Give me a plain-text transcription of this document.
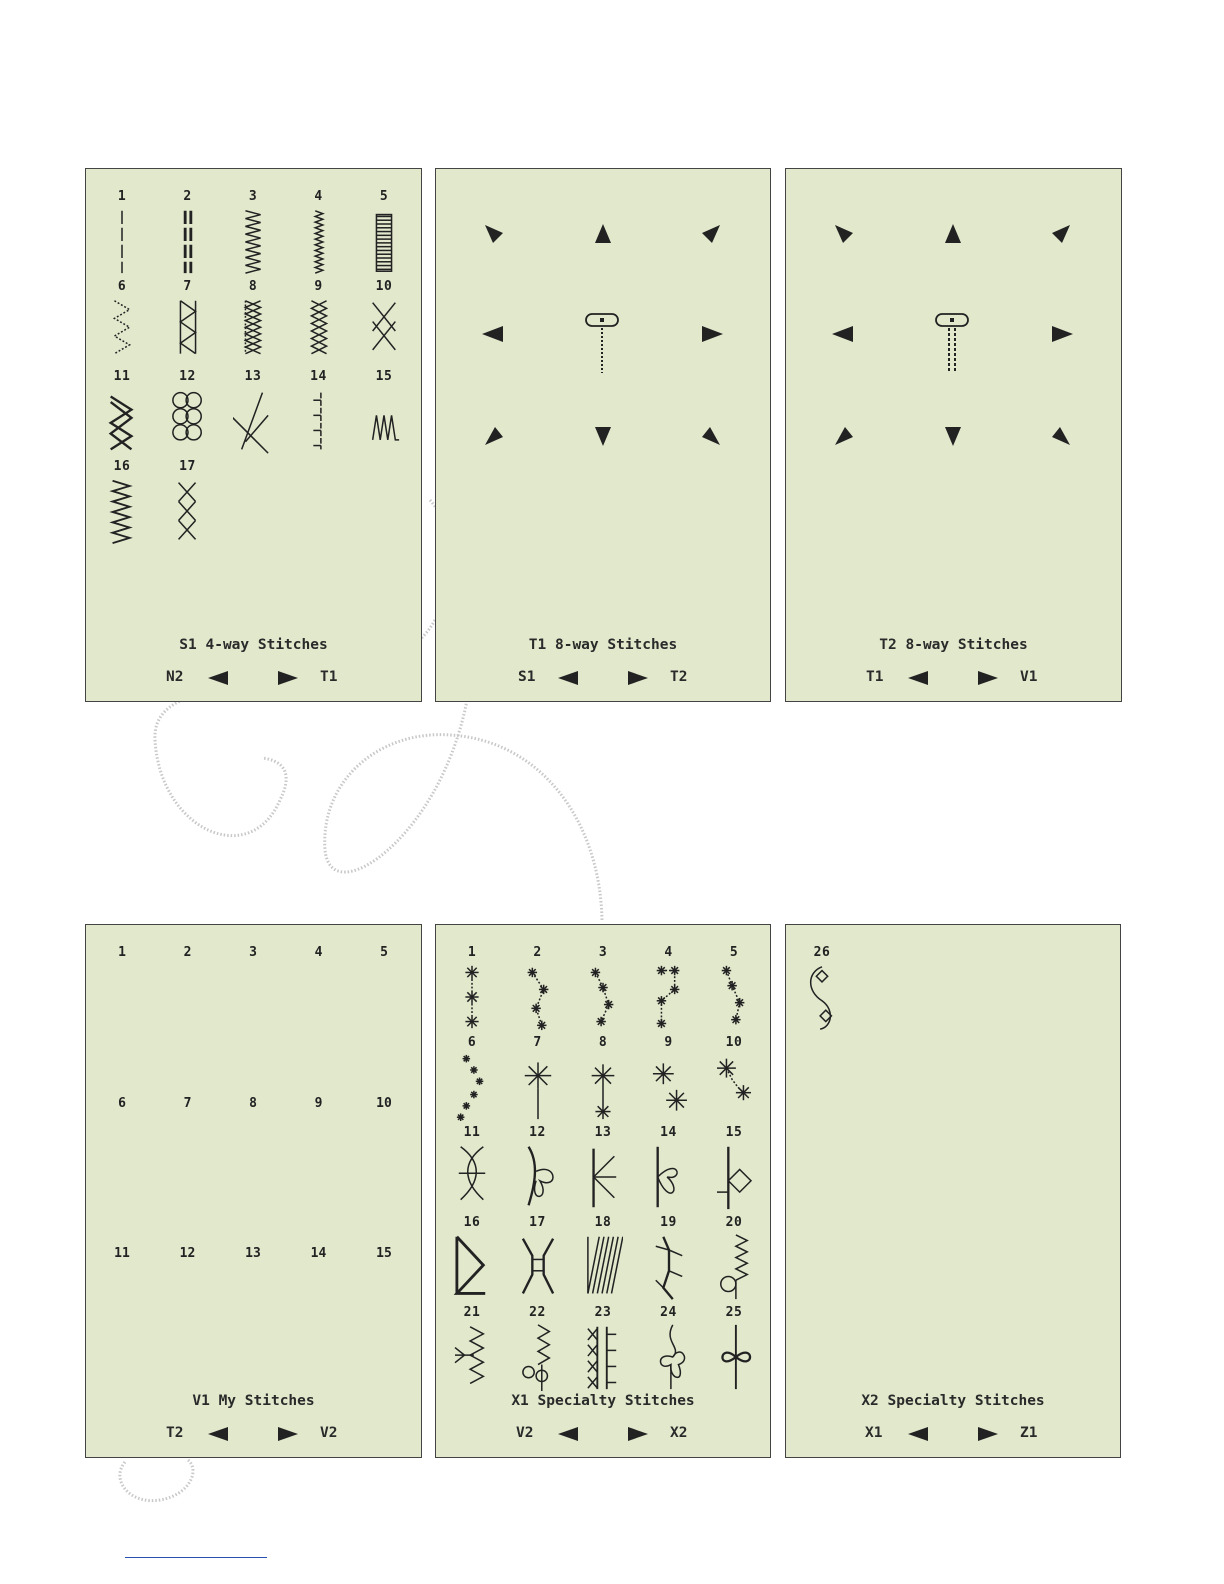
1	2	3	4	5
6	7	8	9	10
11	12	13	14	15
16	17
S1 4-way Stitches
N2	T1
T1 8-way Stitches
S1	T2
T2 8-way Stitches
T1	V1
1	2	3	4	5
6	7	8	9	10
11	12	13	14	15
V1 My Stitches
T2	V2
1	2	3	4	5
6	7	8	9	10
11	12	13	14	15
16	17	18	19	20
21	22	23	24	25
X1 Specialty Stitches
V2	X2
26
X2 Specialty Stitches
X1	Z1
